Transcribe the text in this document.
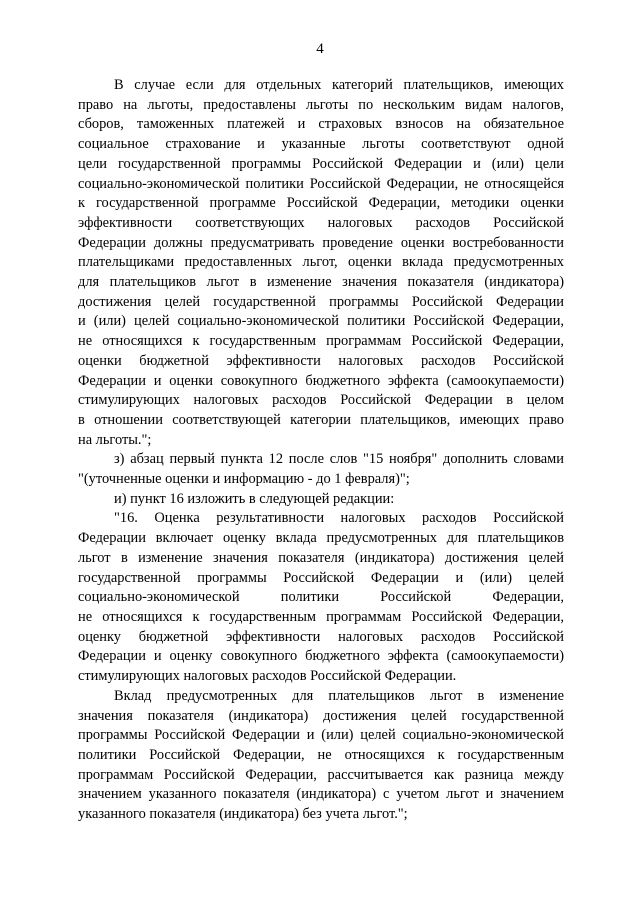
4

В случае если для отдельных категорий плательщиков, имеющих
право на льготы, предоставлены льготы по нескольким видам налогов,
сборов, таможенных платежей и страховых взносов на обязательное
социальное страхование и указанные льготы соответствуют одной
цели государственной программы Российской Федерации и (или) цели
социально-экономической политики Российской Федерации, не относящейся
к государственной программе Российской Федерации, методики оценки
эффективности соответствующих налоговых расходов Российской
Федерации должны предусматривать проведение оценки востребованности
плательщиками предоставленных льгот, оценки вклада предусмотренных
для плательщиков льгот в изменение значения показателя (индикатора)
достижения целей государственной программы Российской Федерации
и (или) целей социально-экономической политики Российской Федерации,
не относящихся к государственным программам Российской Федерации,
оценки бюджетной эффективности налоговых расходов Российской
Федерации и оценки совокупного бюджетного эффекта (самоокупаемости)
стимулирующих налоговых расходов Российской Федерации в целом
в отношении соответствующей категории плательщиков, имеющих право
на льготы.";

з) абзац первый пункта 12 после слов "15 ноября" дополнить словами
"(уточненные оценки и информацию - до 1 февраля)";

и) пункт 16 изложить в следующей редакции:

"16. Оценка результативности налоговых расходов Российской
Федерации включает оценку вклада предусмотренных для плательщиков
льгот в изменение значения показателя (индикатора) достижения целей
государственной программы Российской Федерации и (или) целей
социально-экономической политики Российской Федерации,
не относящихся к государственным программам Российской Федерации,
оценку бюджетной эффективности налоговых расходов Российской
Федерации и оценку совокупного бюджетного эффекта (самоокупаемости)
стимулирующих налоговых расходов Российской Федерации.

Вклад предусмотренных для плательщиков льгот в изменение
значения показателя (индикатора) достижения целей государственной
программы Российской Федерации и (или) целей социально-экономической
политики Российской Федерации, не относящихся к государственным
программам Российской Федерации, рассчитывается как разница между
значением указанного показателя (индикатора) с учетом льгот и значением
указанного показателя (индикатора) без учета льгот.";
